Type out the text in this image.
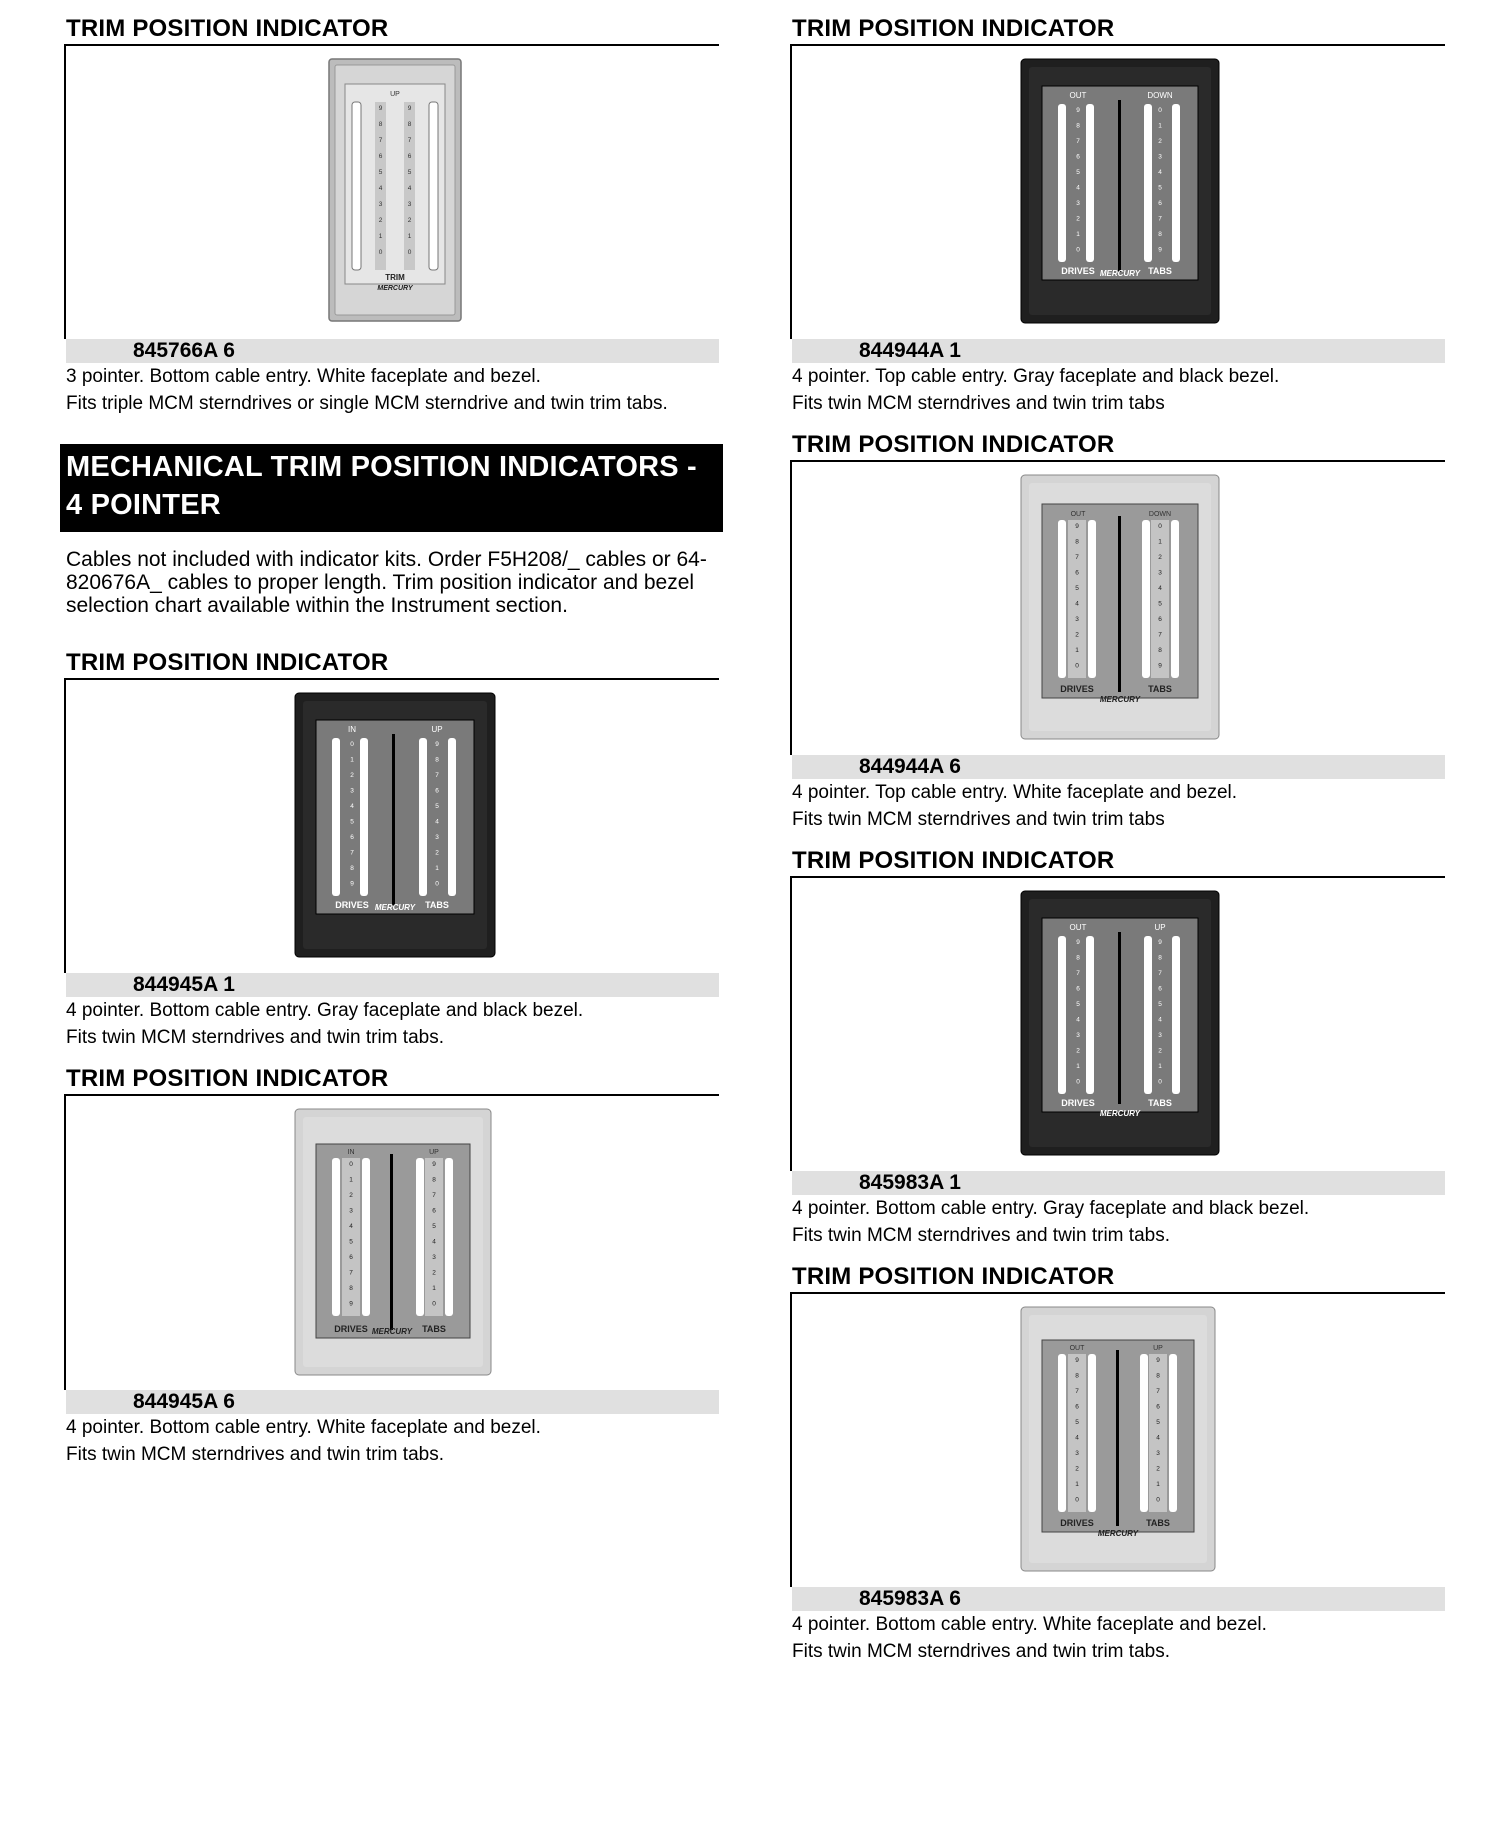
TRIM POSITION INDICATOR
UP
9
8
7
6
5
4
3
2
1
0
9
8
7
6
5
4
3
2
1
0
TRIM
MERCURY
845766A 6
3 pointer. Bottom cable entry. White faceplate and bezel.
Fits triple MCM sterndrives or single MCM sterndrive and twin trim tabs.
MECHANICAL TRIM POSITION INDICATORS - 4 POINTER
Cables not included with indicator kits. Order F5H208/_ cables or 64-820676A_ cables to proper length. Trim position indicator and bezel selection chart available within the Instrument section.
TRIM POSITION INDICATOR
IN	UP
0
1
2
3
4
5
6
7
8
9
9
8
7
6
5
4
3
2
1
0
DRIVES	TABS
MERCURY
844945A 1
4 pointer. Bottom cable entry. Gray faceplate and black bezel.
Fits twin MCM sterndrives and twin trim tabs.
TRIM POSITION INDICATOR
IN	UP
0
1
2
3
4
5
6
7
8
9
9
8
7
6
5
4
3
2
1
0
DRIVES	TABS
MERCURY
844945A 6
4 pointer. Bottom cable entry. White faceplate and bezel.
Fits twin MCM sterndrives and twin trim tabs.
TRIM POSITION INDICATOR
OUT	DOWN
9
8
7
6
5
4
3
2
1
0
0
1
2
3
4
5
6
7
8
9
DRIVES	TABS
MERCURY
844944A 1
4 pointer. Top cable entry. Gray faceplate and black bezel.
Fits twin MCM sterndrives and twin trim tabs
TRIM POSITION INDICATOR
OUT	DOWN
9
8
7
6
5
4
3
2
1
0
0
1
2
3
4
5
6
7
8
9
DRIVES	TABS
MERCURY
844944A 6
4 pointer. Top cable entry. White faceplate and bezel.
Fits twin MCM sterndrives and twin trim tabs
TRIM POSITION INDICATOR
OUT	UP
9
8
7
6
5
4
3
2
1
0
9
8
7
6
5
4
3
2
1
0
DRIVES	TABS
MERCURY
845983A 1
4 pointer. Bottom cable entry. Gray faceplate and black bezel.
Fits twin MCM sterndrives and twin trim tabs.
TRIM POSITION INDICATOR
OUT	UP
9
8
7
6
5
4
3
2
1
0
9
8
7
6
5
4
3
2
1
0
DRIVES	TABS
MERCURY
845983A 6
4 pointer. Bottom cable entry. White faceplate and bezel.
Fits twin MCM sterndrives and twin trim tabs.
